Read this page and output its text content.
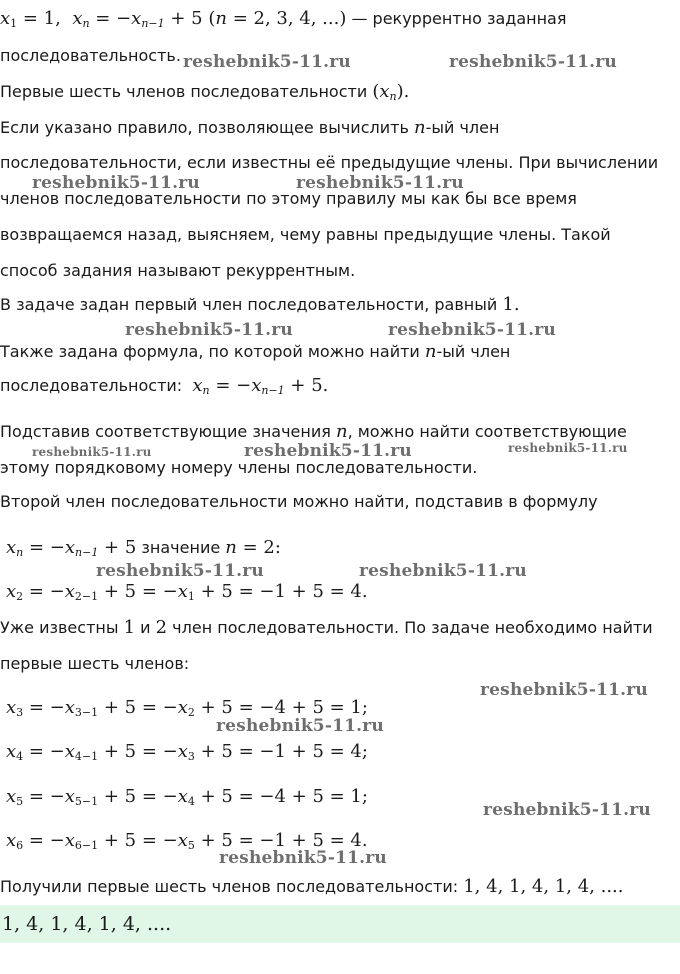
x1 = 1,  $x_n = -x_{n-1} + 5$ (n = 2, 3, 4, ...) — рекуррентно заданная
последовательность.
Первые шесть членов последовательности $(x_n)$.
Если указано правило, позволяющее вычислить n-ый член
последовательности, если известны её предыдущие члены. При вычислении
членов последовательности по этому правилу мы как бы все время
возвращаемся назад, выясняем, чему равны предыдущие члены. Такой
способ задания называют рекуррентным.
В задаче задан первый член последовательности, равный 1.
Также задана формула, по которой можно найти n-ый член
последовательности: $x_n = -x_{n-1} + 5$.
Подставив соответствующие значения n, можно найти соответствующие
этому порядковому номеру члены последовательности.
Второй член последовательности можно найти, подставив в формулу
$x_n = -x_{n-1} + 5$ значение n = 2:
x2 = −x2−1 + 5 = −x1 + 5 = −1 + 5 = 4.
Уже известны 1 и 2 член последовательности. По задаче необходимо найти
первые шесть членов:
x3 = −x3−1 + 5 = −x2 + 5 = −4 + 5 = 1;
x4 = −x4−1 + 5 = −x3 + 5 = −1 + 5 = 4;
x5 = −x5−1 + 5 = −x4 + 5 = −4 + 5 = 1;
x6 = −x6−1 + 5 = −x5 + 5 = −1 + 5 = 4.
Получили первые шесть членов последовательности: 1, 4, 1, 4, 1, 4, ....
1, 4, 1, 4, 1, 4, ....
reshebnik5-11.ru	reshebnik5-11.ru
reshebnik5-11.ru	reshebnik5-11.ru
reshebnik5-11.ru	reshebnik5-11.ru
reshebnik5-11.ru	reshebnik5-11.ru	reshebnik5-11.ru
reshebnik5-11.ru	reshebnik5-11.ru
reshebnik5-11.ru
reshebnik5-11.ru
reshebnik5-11.ru
reshebnik5-11.ru
